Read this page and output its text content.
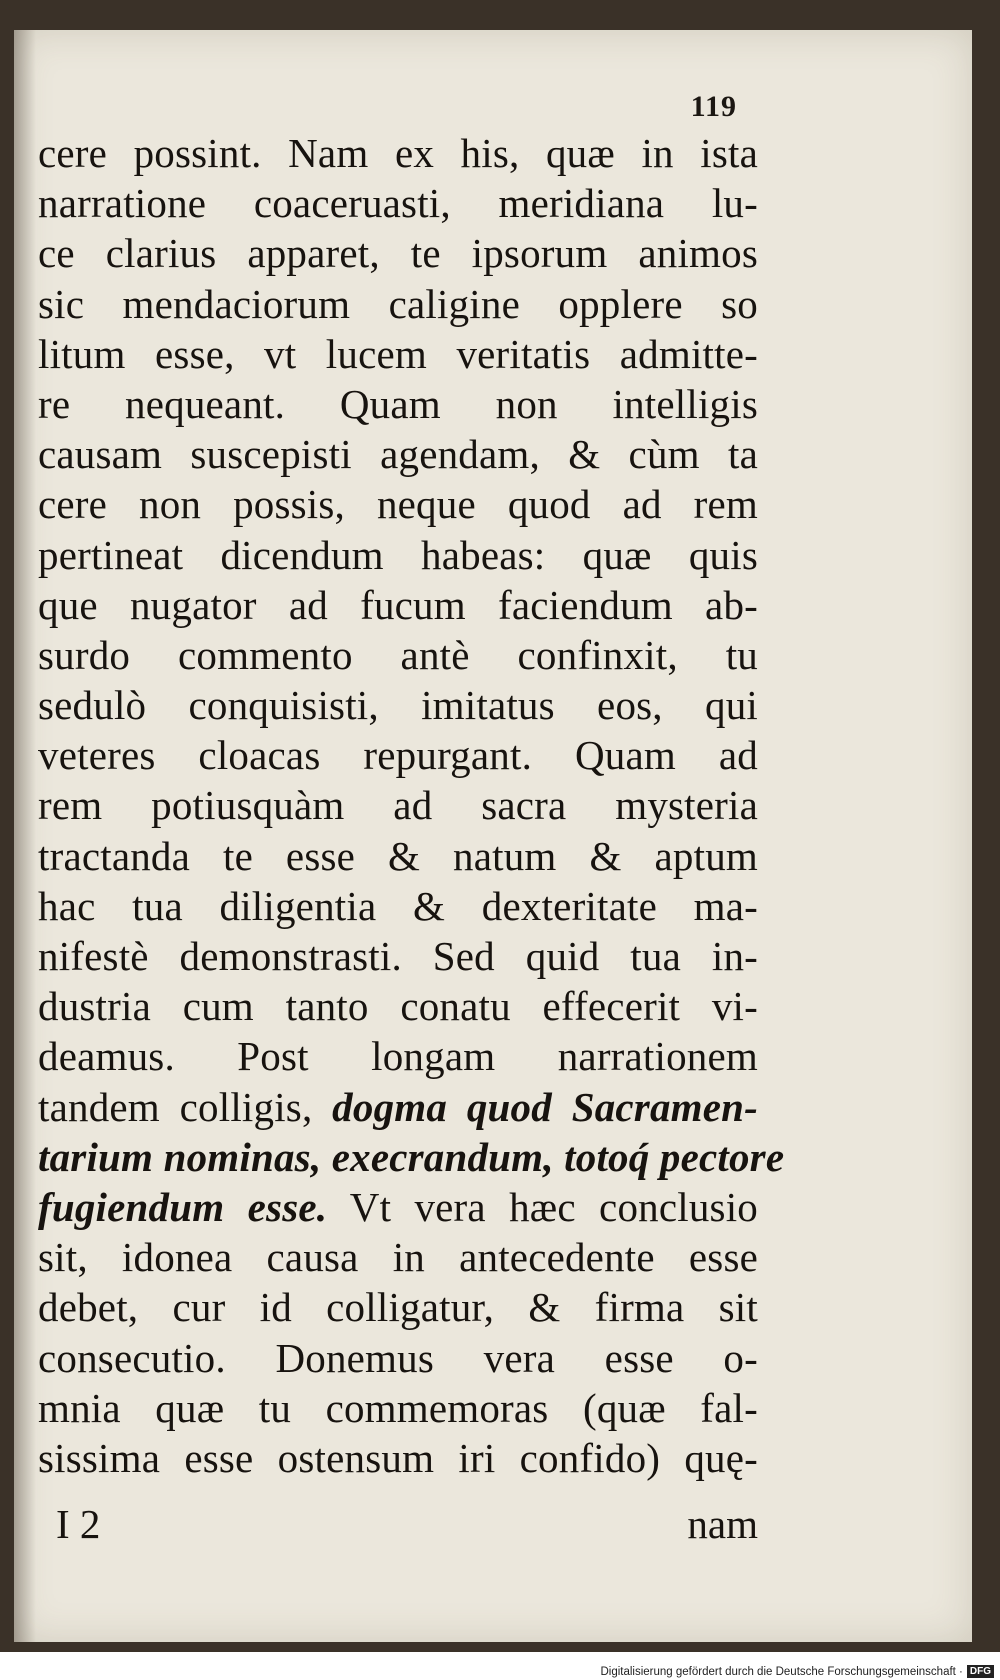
119
cere possint. Nam ex his, quæ in ista
narratione coaceruasti, meridiana lu-
ce clarius apparet, te ipsorum animos
sic mendaciorum caligine opplere so
litum esse, vt lucem veritatis admitte-
re nequeant. Quam non intelligis
causam suscepisti agendam, & cùm ta
cere non possis, neque quod ad rem
pertineat dicendum habeas: quæ quis
que nugator ad fucum faciendum ab-
surdo commento antè confinxit, tu
sedulò conquisisti, imitatus eos, qui
veteres cloacas repurgant. Quam ad
rem potiusquàm ad sacra mysteria
tractanda te esse & natum & aptum
hac tua diligentia & dexteritate ma-
nifestè demonstrasti. Sed quid tua in-
dustria cum tanto conatu effecerit vi-
deamus. Post longam narrationem
tandem colligis, dogma quod Sacramen-
tarium nominas, execrandum, totoq́ pectore
fugiendum esse. Vt vera hæc conclusio
sit, idonea causa in antecedente esse
debet, cur id colligatur, & firma sit
consecutio. Donemus vera esse o-
mnia quæ tu commemoras (quæ fal-
sissima esse ostensum iri confido) quę-
I 2	nam
Digitalisierung gefördert durch die Deutsche Forschungsgemeinschaft · DFG
